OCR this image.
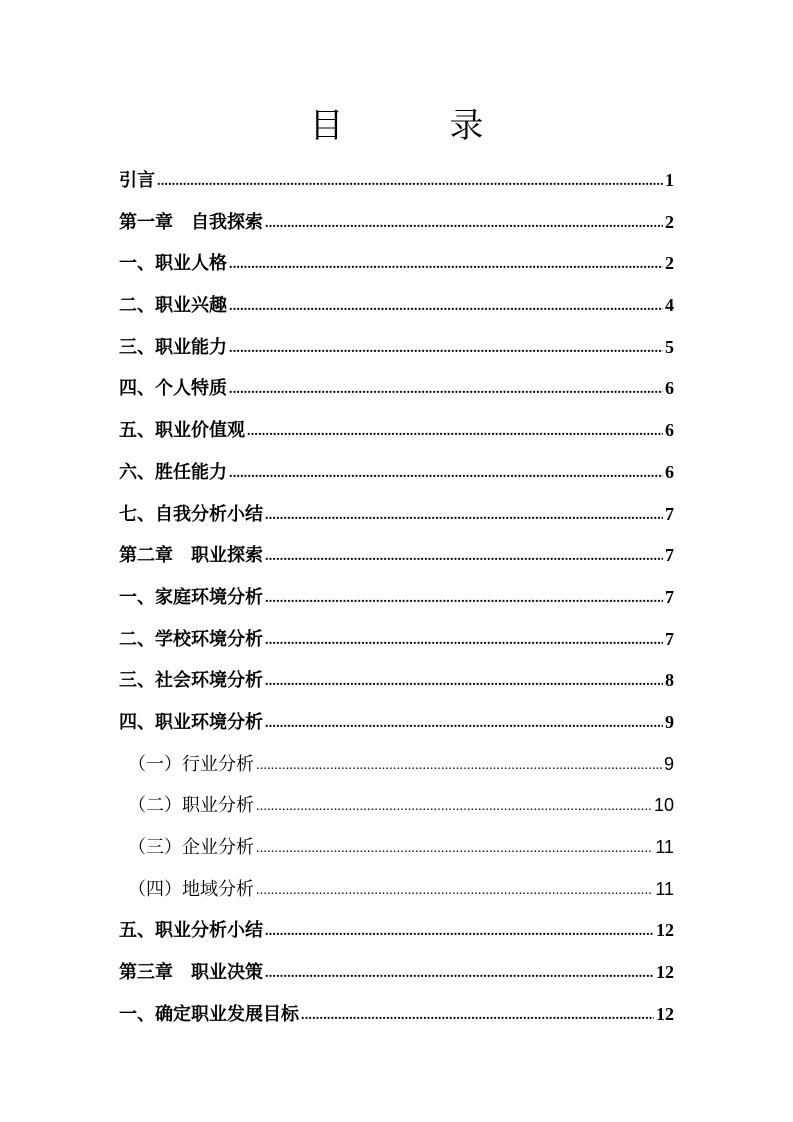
目　录
引言 .....	1
第一章　自我探索 .....	2
一、职业人格 .....	2
二、职业兴趣 .....	4
三、职业能力 .....	5
四、个人特质 .....	6
五、职业价值观 .....	6
六、胜任能力 .....	6
七、自我分析小结 .....	7
第二章　职业探索 .....	7
一、家庭环境分析 .....	7
二、学校环境分析 .....	7
三、社会环境分析 .....	8
四、职业环境分析 .....	9
（一）行业分析 .....	9
（二）职业分析 .....	10
（三）企业分析 .....	11
（四）地域分析 .....	11
五、职业分析小结 .....	12
第三章　职业决策 .....	12
一、确定职业发展目标 .....	12
